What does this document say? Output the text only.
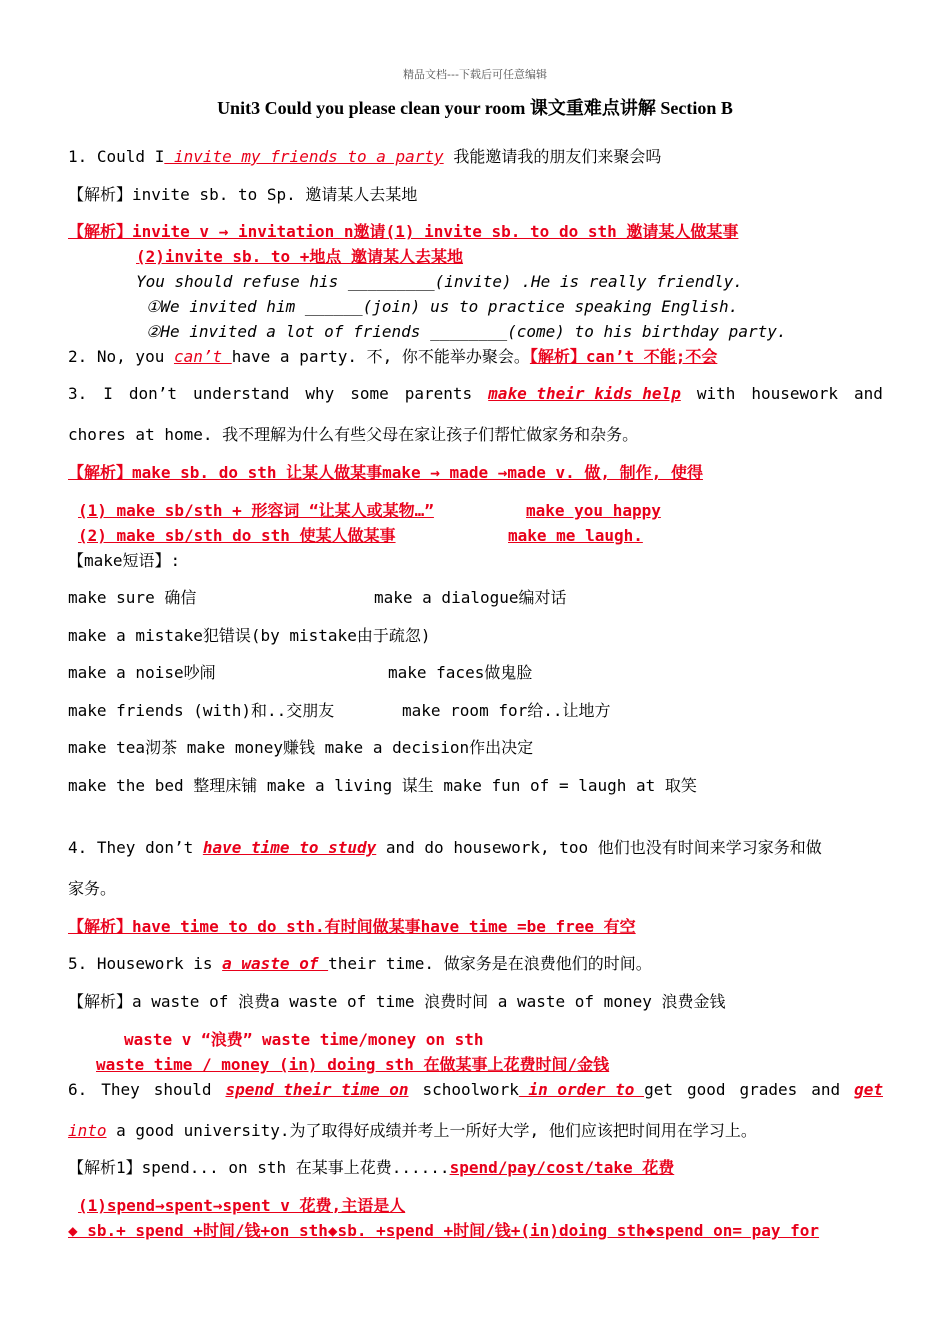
精品文档---下载后可任意编辑
Unit3 Could you please clean your room 课文重难点讲解 Section B
1. Could I invite my friends to a party 我能邀请我的朋友们来聚会吗
【解析】invite sb. to Sp. 邀请某人去某地
【解析】invite v → invitation n邀请(1) invite sb. to do sth 邀请某人做某事
(2)invite sb. to +地点 邀请某人去某地
You should refuse his _________(invite) .He is really friendly.
①We invited him ______(join) us to practice speaking English.
②He invited a lot of friends ________(come) to his birthday party.
2. No, you can’t have a party. 不, 你不能举办聚会。【解析】can’t 不能;不会
3. I don’t understand why some parents make their kids help with housework and
chores at home. 我不理解为什么有些父母在家让孩子们帮忙做家务和杂务。
【解析】make sb. do sth 让某人做某事make → made →made v. 做, 制作, 使得
(1) make sb/sth + 形容词 “让某人或某物…”	make you happy
(2) make sb/sth do sth 使某人做某事	make me laugh.
【make短语】:
make sure 确信	make a dialogue编对话
make a mistake犯错误(by mistake由于疏忽)
make a noise吵闹	make faces做鬼脸
make friends (with)和..交朋友	make room for给..让地方
make tea沏茶 make money赚钱 make a decision作出决定
make the bed 整理床铺 make a living 谋生 make fun of = laugh at 取笑
4. They don’t have time to study and do housework, too 他们也没有时间来学习家务和做
家务。
【解析】have time to do sth.有时间做某事have time =be free 有空
5. Housework is a waste of their time. 做家务是在浪费他们的时间。
【解析】a waste of 浪费a waste of time 浪费时间 a waste of money 浪费金钱
waste v “浪费” waste time/money on sth
waste time / money (in) doing sth 在做某事上花费时间/金钱
6. They should spend their time on schoolwork in order to get good grades and get
into a good university.为了取得好成绩并考上一所好大学, 他们应该把时间用在学习上。
【解析1】spend... on sth 在某事上花费......spend/pay/cost/take 花费
(1)spend→spent→spent v 花费,主语是人
◆ sb.+ spend +时间/钱+on sth◆sb. +spend +时间/钱+(in)doing sth◆spend on= pay for
